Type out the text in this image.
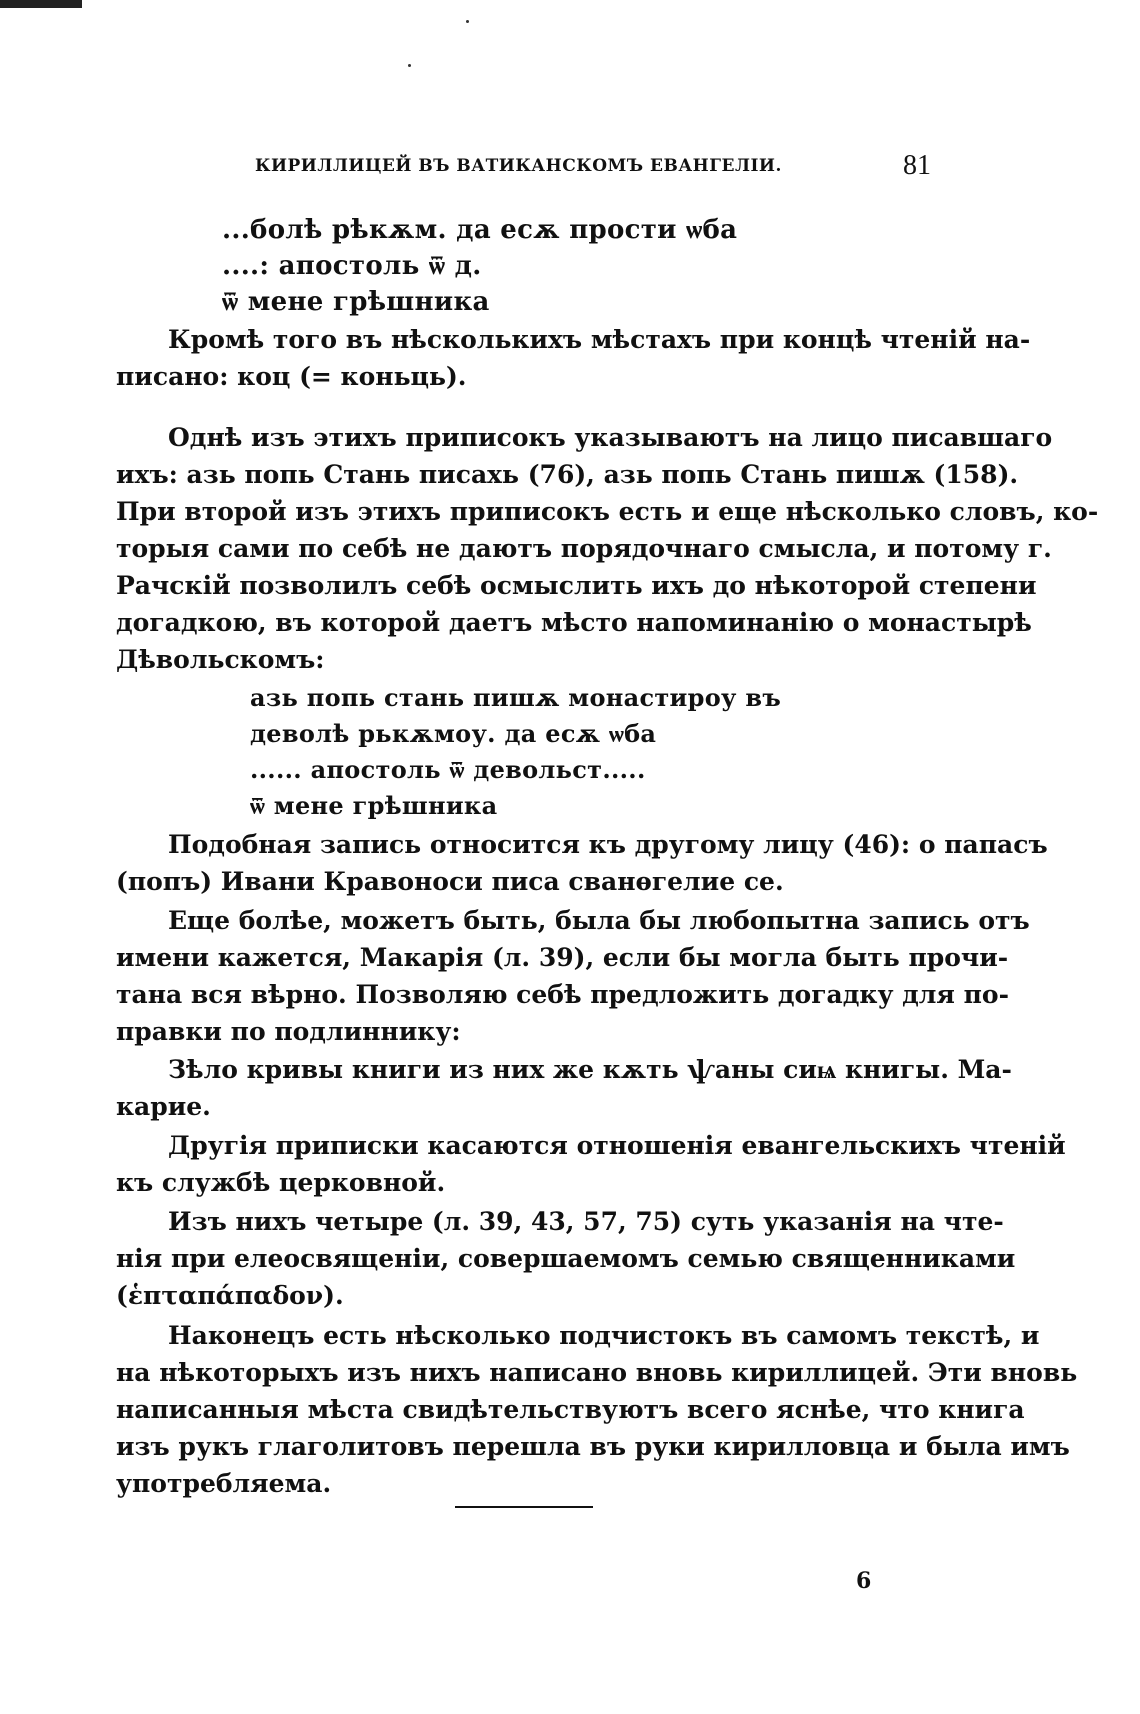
КИРИЛЛИЦЕЙ ВЪ ВАТИКАНСКОМЪ ЕВАНГЕЛІИ.	81
...болѣ рѣкѫм. да есѫ прости ѡба
....: апостоль ѿ д.
ѿ мене грѣшника
Кромѣ того въ нѣсколькихъ мѣстахъ при концѣ чтеній на-
писано: коц (= коньць).
Однѣ изъ этихъ приписокъ указываютъ на лицо писавшаго
ихъ: азь попь Стань писахь (76), азь попь Стань пишѫ (158).
При второй изъ этихъ приписокъ есть и еще нѣсколько словъ, ко-
торыя сами по себѣ не даютъ порядочнаго смысла, и потому г.
Рачскій позволилъ себѣ осмыслить ихъ до нѣкоторой степени
догадкою, въ которой даетъ мѣсто напоминанію о монастырѣ
Дѣвольскомъ:
азь попь стань пишѫ монастироу въ
деволѣ рькѫмоу. да есѫ ѡба
...... апостоль ѿ девольст.....
ѿ мене грѣшника
Подобная запись относится къ другому лицу (46): о папасъ
(попъ) Ивани Кравоноси писа сванѳгелие се.
Еще болѣе, можетъ быть, была бы любопытна запись отъ
имени кажется, Макарія (л. 39), если бы могла быть прочи-
тана вся вѣрно. Позволяю себѣ предложить догадку для по-
правки по подлиннику:
Зѣло кривы книги из них же кѫть ѱаны сиѩ книгы. Ма-
карие.
Другія приписки касаются отношенія евангельскихъ чтеній
къ службѣ церковной.
Изъ нихъ четыре (л. 39, 43, 57, 75) суть указанія на чте-
нія при елеосвященіи, совершаемомъ семью священниками
(ἑπταπάπαδον).
Наконецъ есть нѣсколько подчистокъ въ самомъ текстѣ, и
на нѣкоторыхъ изъ нихъ написано вновь кириллицей. Эти вновь
написанныя мѣста свидѣтельствуютъ всего яснѣе, что книга
изъ рукъ глаголитовъ перешла въ руки кирилловца и была имъ
употребляема.
6
